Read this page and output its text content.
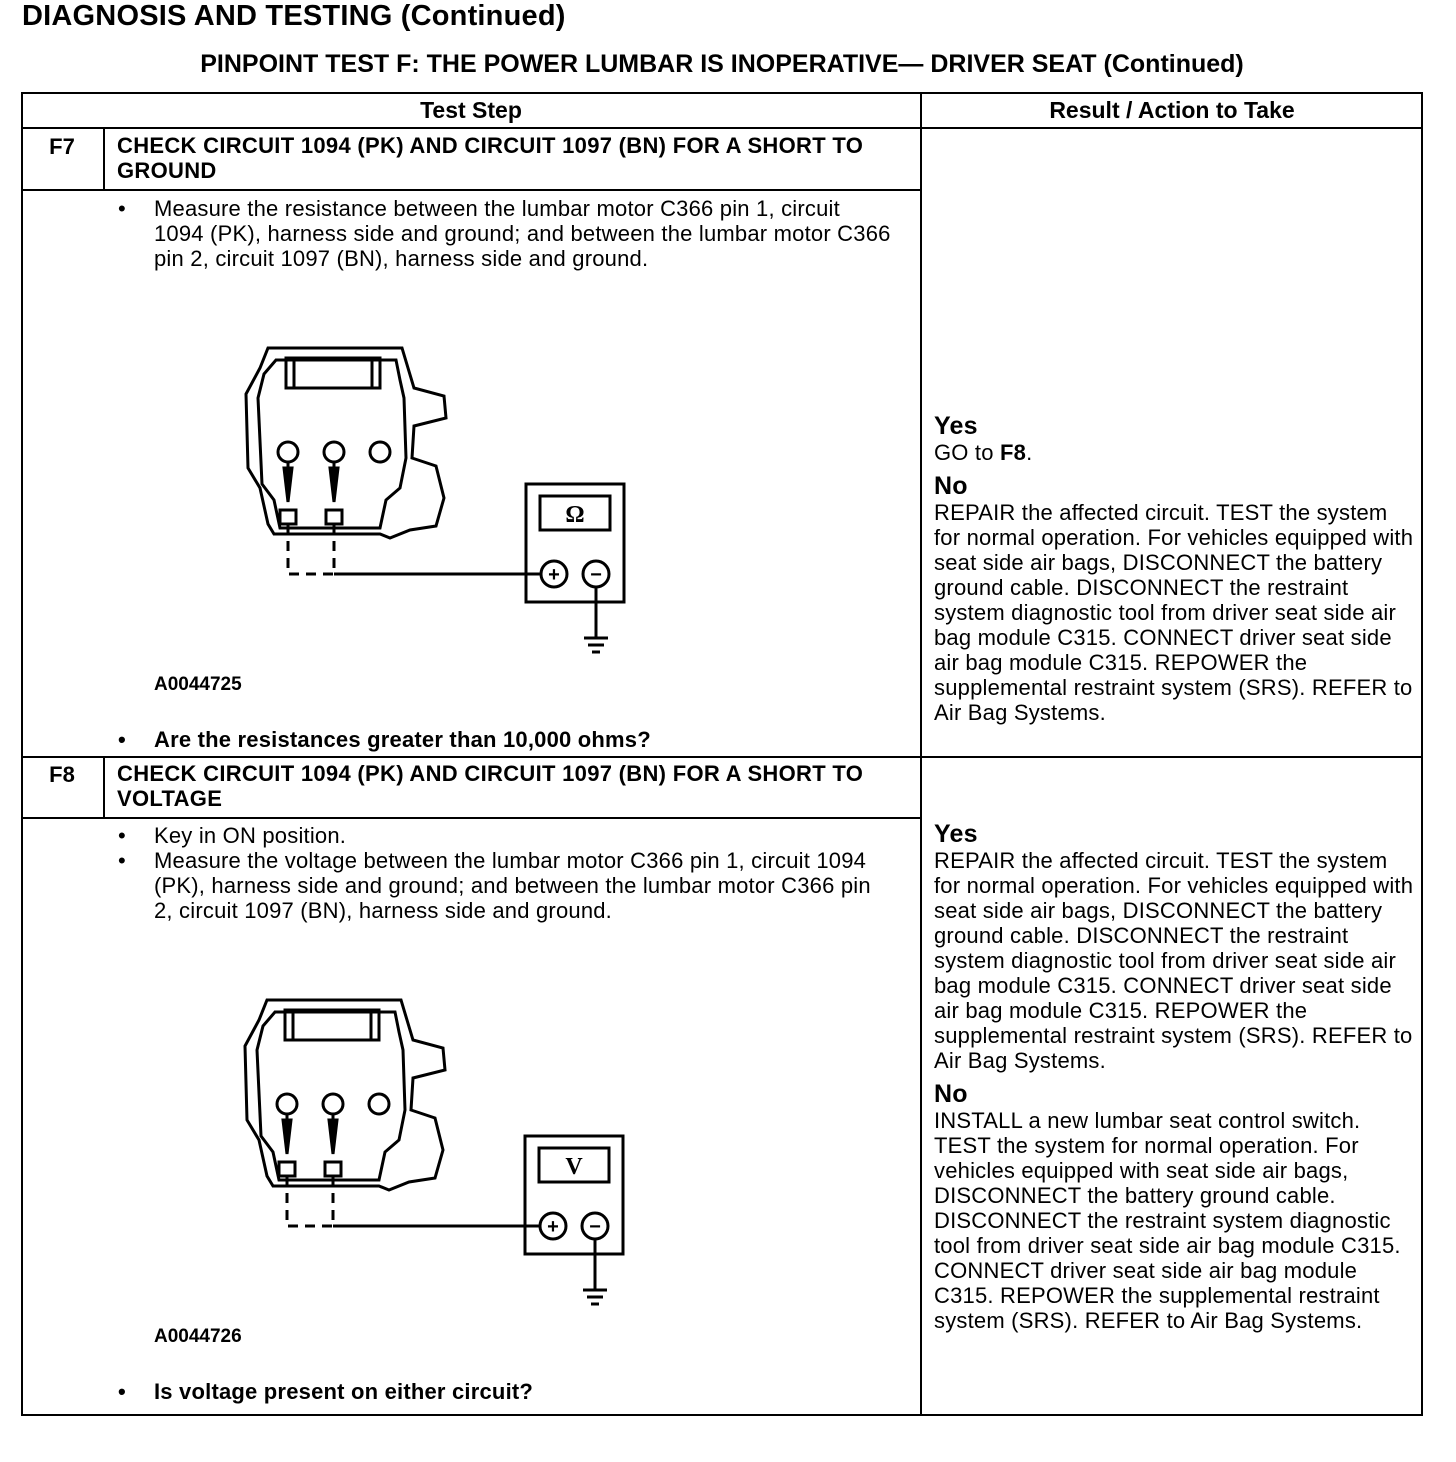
DIAGNOSIS AND TESTING (Continued)
PINPOINT TEST F: THE POWER LUMBAR IS INOPERATIVE— DRIVER SEAT (Continued)
Test Step	Result / Action to Take
F7	CHECK CIRCUIT 1094 (PK) AND CIRCUIT 1097 (BN) FOR A SHORT TO GROUND
• Measure the resistance between the lumbar motor C366 pin 1, circuit 1094 (PK), harness side and ground; and between the lumbar motor C366 pin 2, circuit 1097 (BN), harness side and ground.
Ω
+ −
A0044725
• Are the resistances greater than 10,000 ohms?
Yes
GO to F8.
No
REPAIR the affected circuit. TEST the system for normal operation. For vehicles equipped with seat side air bags, DISCONNECT the battery ground cable. DISCONNECT the restraint system diagnostic tool from driver seat side air bag module C315. CONNECT driver seat side air bag module C315. REPOWER the supplemental restraint system (SRS). REFER to Air Bag Systems.
F8	CHECK CIRCUIT 1094 (PK) AND CIRCUIT 1097 (BN) FOR A SHORT TO VOLTAGE
• Key in ON position.
• Measure the voltage between the lumbar motor C366 pin 1, circuit 1094 (PK), harness side and ground; and between the lumbar motor C366 pin 2, circuit 1097 (BN), harness side and ground.
V
+ −
A0044726
• Is voltage present on either circuit?
Yes
REPAIR the affected circuit. TEST the system for normal operation. For vehicles equipped with seat side air bags, DISCONNECT the battery ground cable. DISCONNECT the restraint system diagnostic tool from driver seat side air bag module C315. CONNECT driver seat side air bag module C315. REPOWER the supplemental restraint system (SRS). REFER to Air Bag Systems.
No
INSTALL a new lumbar seat control switch. TEST the system for normal operation. For vehicles equipped with seat side air bags, DISCONNECT the battery ground cable. DISCONNECT the restraint system diagnostic tool from driver seat side air bag module C315. CONNECT driver seat side air bag module C315. REPOWER the supplemental restraint system (SRS). REFER to Air Bag Systems.
